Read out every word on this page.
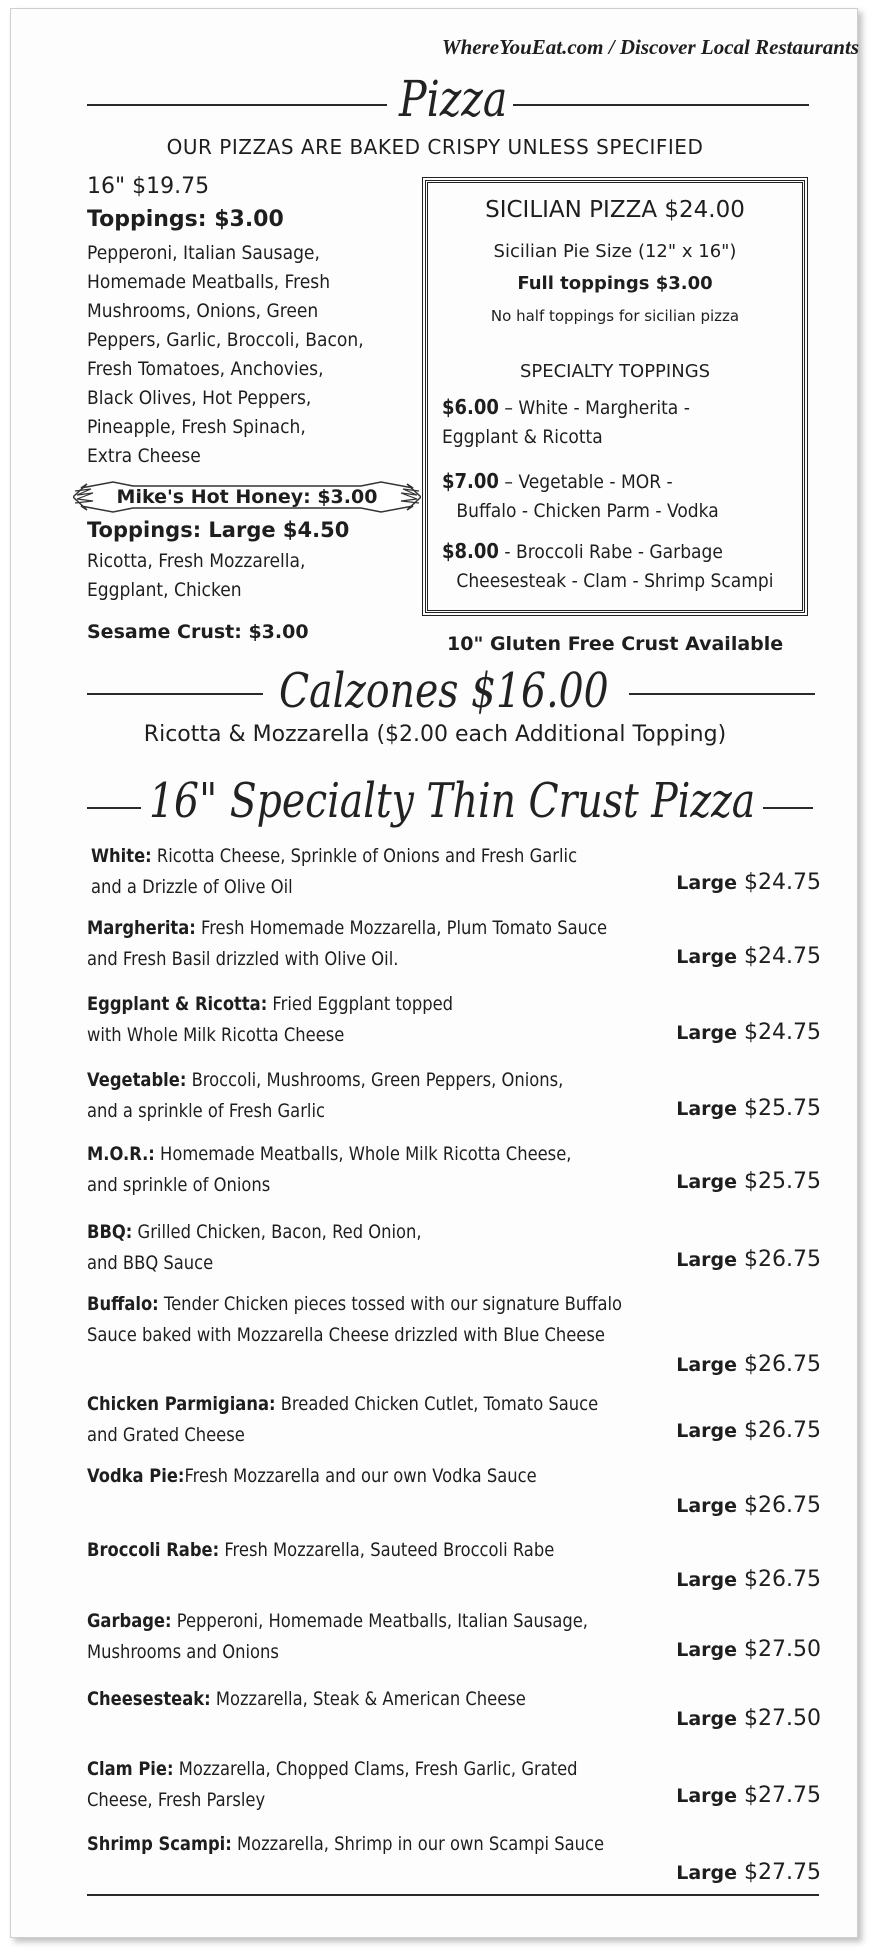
WhereYouEat.com / Discover Local Restaurants
Pizza
OUR PIZZAS ARE BAKED CRISPY UNLESS SPECIFIED
16" $19.75
Toppings: $3.00
Pepperoni, Italian Sausage,
Homemade Meatballs, Fresh
Mushrooms, Onions, Green
Peppers, Garlic, Broccoli, Bacon,
Fresh Tomatoes, Anchovies,
Black Olives, Hot Peppers,
Pineapple, Fresh Spinach,
Extra Cheese
Mike's Hot Honey: $3.00
Toppings: Large $4.50
Ricotta, Fresh Mozzarella,
Eggplant, Chicken
Sesame Crust: $3.00
SICILIAN PIZZA $24.00
Sicilian Pie Size (12" x 16")
Full toppings $3.00
No half toppings for sicilian pizza
SPECIALTY TOPPINGS
$6.00 – White - Margherita -
Eggplant & Ricotta
$7.00 – Vegetable - MOR -
Buffalo - Chicken Parm - Vodka
$8.00 - Broccoli Rabe - Garbage
Cheesesteak - Clam - Shrimp Scampi
10" Gluten Free Crust Available
Calzones $16.00
Ricotta & Mozzarella ($2.00 each Additional Topping)
16" Specialty Thin Crust Pizza
White: Ricotta Cheese, Sprinkle of Onions and Fresh Garlic
and a Drizzle of Olive Oil
Margherita: Fresh Homemade Mozzarella, Plum Tomato Sauce
and Fresh Basil drizzled with Olive Oil.
Eggplant & Ricotta: Fried Eggplant topped
with Whole Milk Ricotta Cheese
Vegetable: Broccoli, Mushrooms, Green Peppers, Onions,
and a sprinkle of Fresh Garlic
M.O.R.: Homemade Meatballs, Whole Milk Ricotta Cheese,
and sprinkle of Onions
BBQ: Grilled Chicken, Bacon, Red Onion,
and BBQ Sauce
Buffalo: Tender Chicken pieces tossed with our signature Buffalo
Sauce baked with Mozzarella Cheese drizzled with Blue Cheese
Chicken Parmigiana: Breaded Chicken Cutlet, Tomato Sauce
and Grated Cheese
Vodka Pie:Fresh Mozzarella and our own Vodka Sauce
Broccoli Rabe: Fresh Mozzarella, Sauteed Broccoli Rabe
Garbage: Pepperoni, Homemade Meatballs, Italian Sausage,
Mushrooms and Onions
Cheesesteak: Mozzarella, Steak & American Cheese
Clam Pie: Mozzarella, Chopped Clams, Fresh Garlic, Grated
Cheese, Fresh Parsley
Shrimp Scampi: Mozzarella, Shrimp in our own Scampi Sauce
Large $24.75
Large $24.75
Large $24.75
Large $25.75
Large $25.75
Large $26.75
Large $26.75
Large $26.75
Large $26.75
Large $26.75
Large $27.50
Large $27.50
Large $27.75
Large $27.75
